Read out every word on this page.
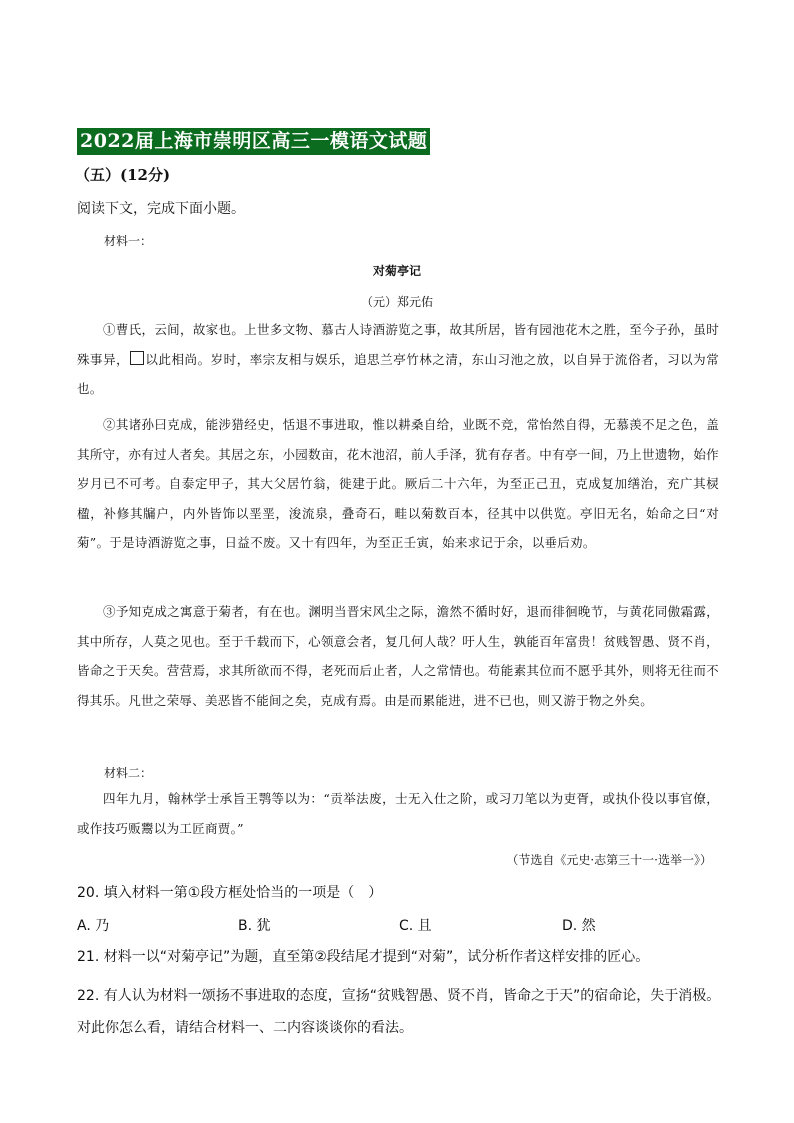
2022届上海市崇明区高三一模语文试题
（五）(12分)
阅读下文，完成下面小题。
材料一：
对菊亭记
（元）郑元佑
①曹氏，云间，故家也。上世多文物、慕古人诗酒游览之事，故其所居，皆有园池花木之胜，至今子孙，虽时殊事异， 以此相尚。岁时，率宗友相与娱乐，追思兰亭竹林之清，东山习池之放，以自异于流俗者，习以为常也。
②其诸孙曰克成，能涉猎经史，恬退不事进取，惟以耕桑自给，业既不竞，常怡然自得，无慕羡不足之色，盖其所守，亦有过人者矣。其居之东，小园数亩，花木池沼，前人手泽，犹有存者。中有亭一间，乃上世遗物，始作岁月已不可考。自泰定甲子，其大父居竹翁，徙建于此。厥后二十六年，为至正己丑，克成复加缮治，充广其棂楹，补修其牖户，内外皆饰以垩垩，浚流泉，叠奇石，畦以菊数百本，径其中以供览。亭旧无名，始命之曰“对菊”。于是诗酒游览之事，日益不废。又十有四年，为至正壬寅，始来求记于余，以垂后劝。
③予知克成之寓意于菊者，有在也。渊明当晋宋风尘之际，澹然不循时好，退而徘徊晚节，与黄花同傲霜露，其中所存，人莫之见也。至于千载而下，心领意会者，复几何人哉？吁人生，孰能百年富贵！贫贱智愚、贤不肖，皆命之于天矣。营营焉，求其所欲而不得，老死而后止者，人之常情也。苟能素其位而不愿乎其外，则将无往而不得其乐。凡世之荣辱、美恶皆不能间之矣，克成有焉。由是而累能进，进不已也，则又游于物之外矣。
材料二：
四年九月，翰林学士承旨王鹗等以为：“贡举法废，士无入仕之阶，或习刀笔以为吏胥，或执仆役以事官僚，或作技巧贩鬻以为工匠商贾。”
（节选自《元史·志第三十一·选举一》）
20. 填入材料一第①段方框处恰当的一项是（　）
A. 乃	B. 犹	C. 且	D. 然
21. 材料一以“对菊亭记”为题，直至第②段结尾才提到“对菊”，试分析作者这样安排的匠心。
22. 有人认为材料一颂扬不事进取的态度，宣扬“贫贱智愚、贤不肖，皆命之于天”的宿命论，失于消极。对此你怎么看，请结合材料一、二内容谈谈你的看法。
